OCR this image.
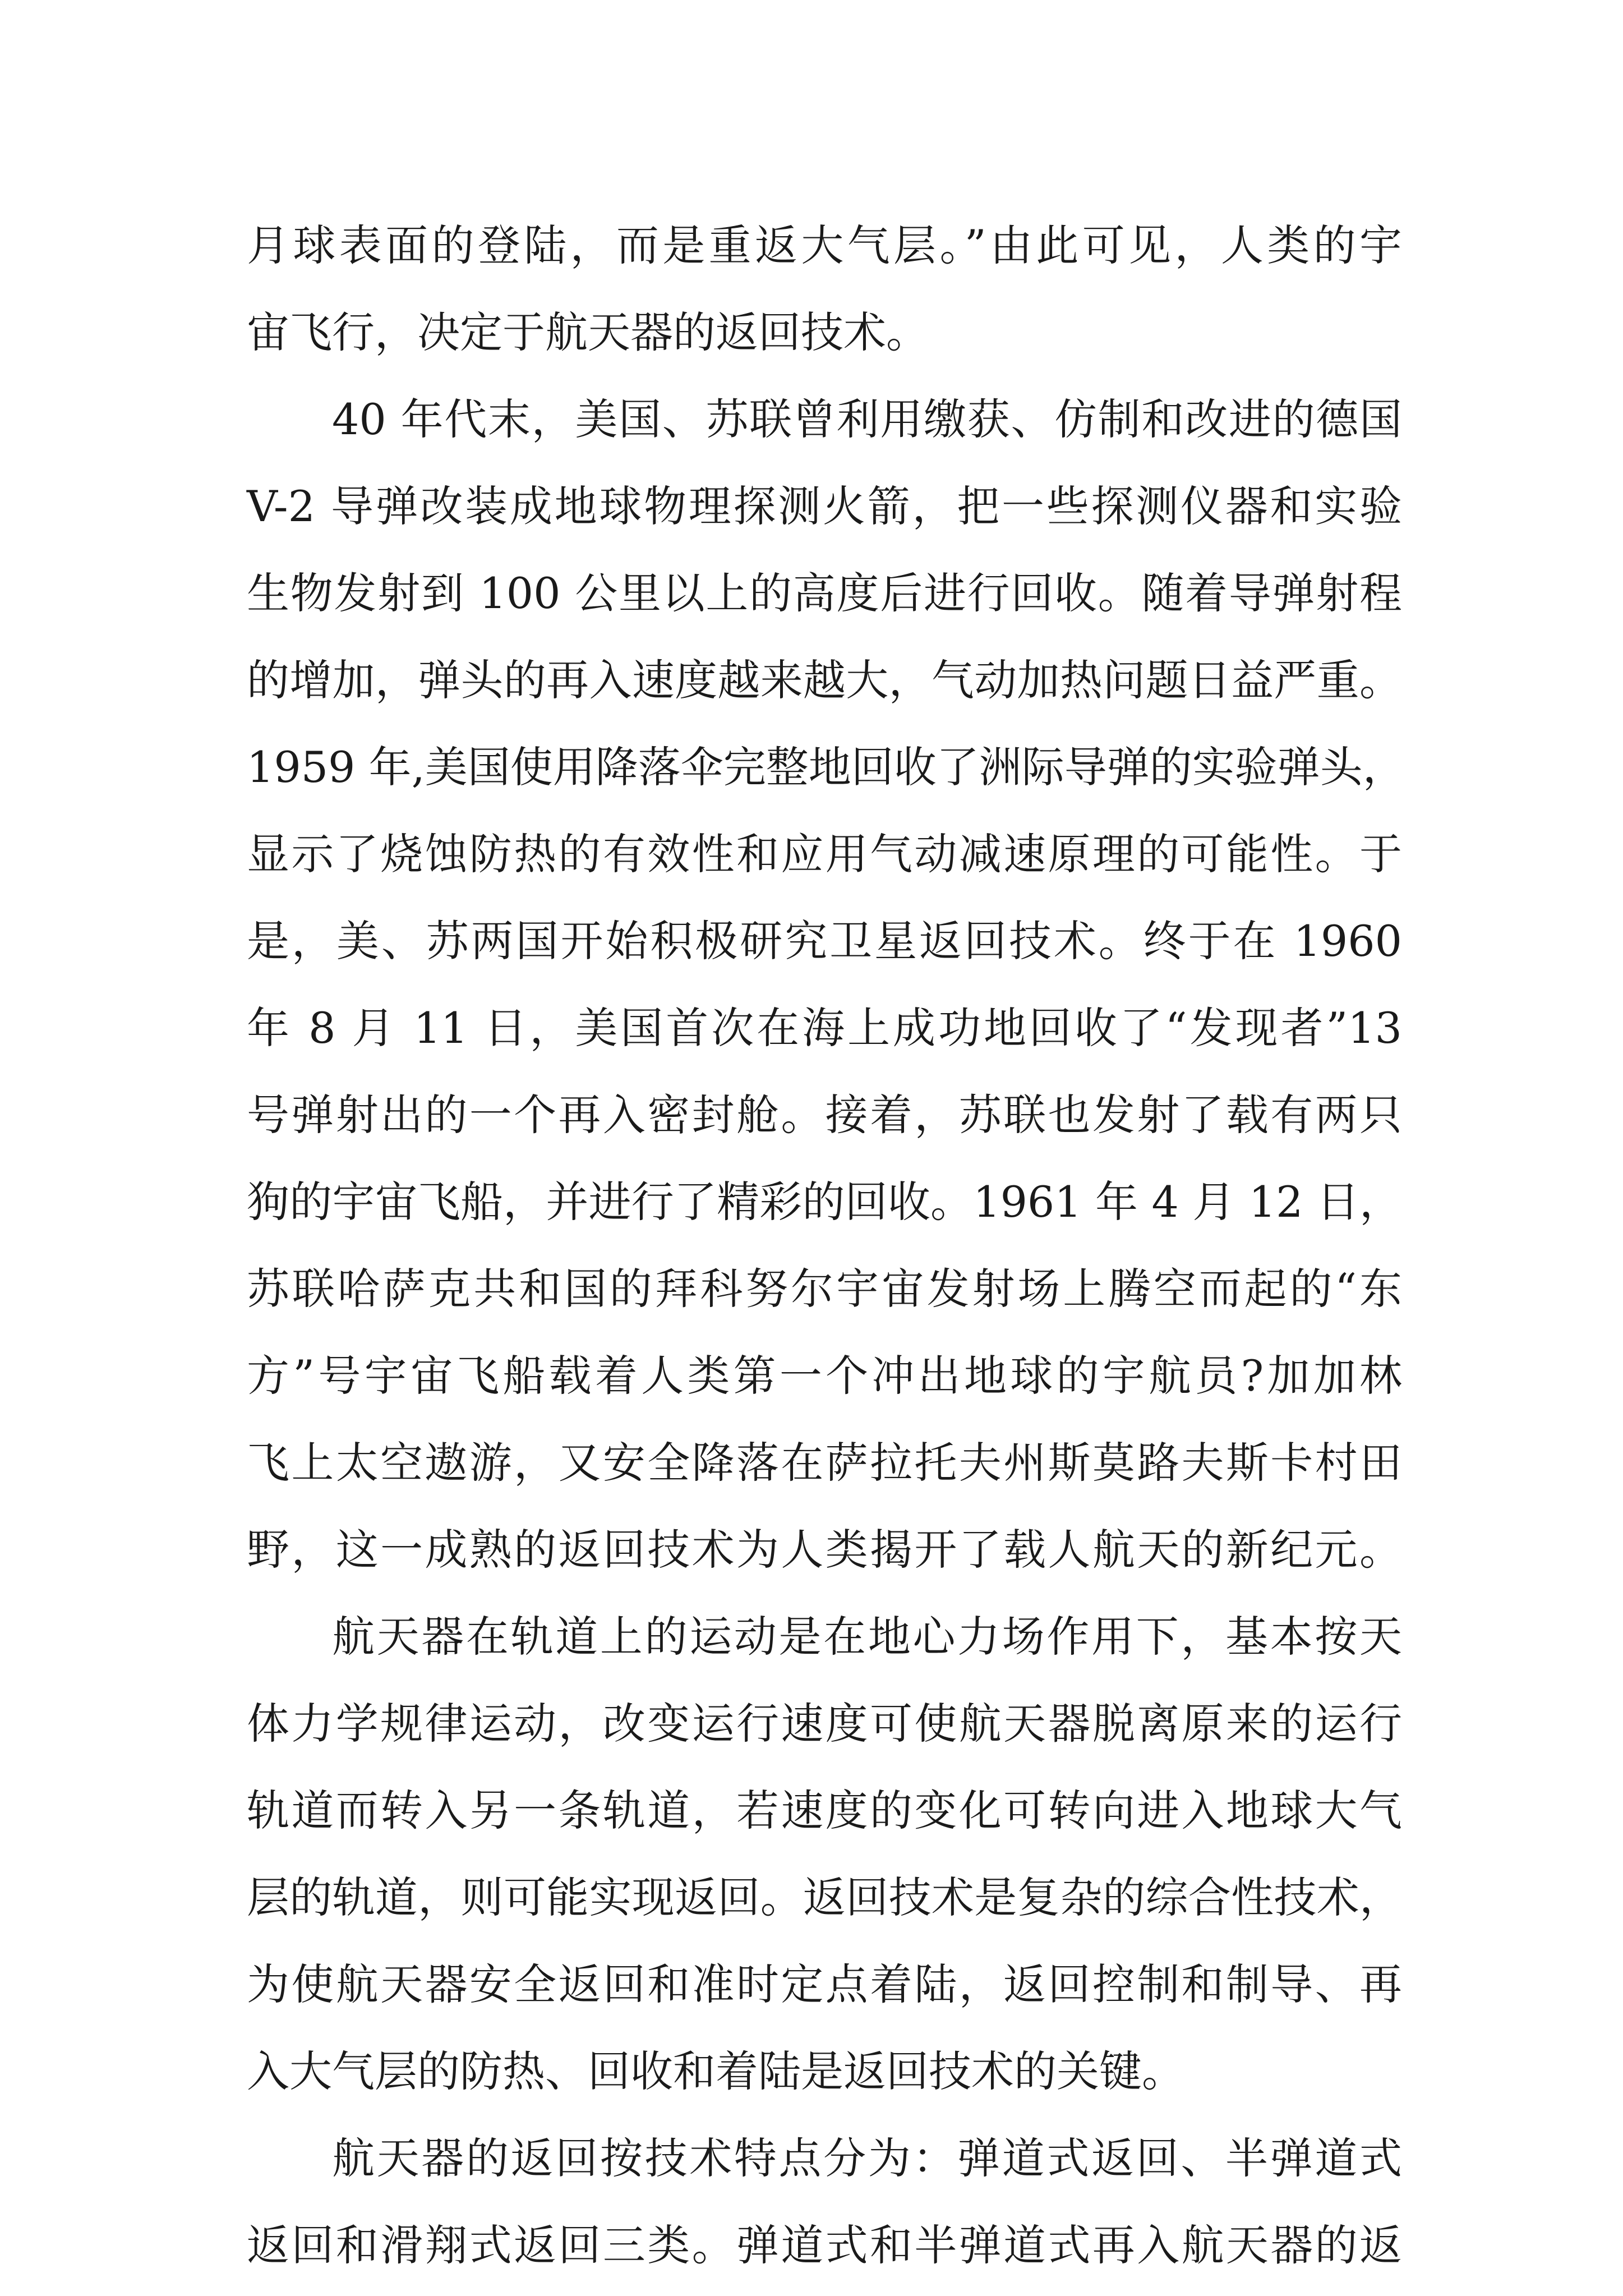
月球表面的登陆，而是重返大气层。”由此可见，人类的宇
宙飞行，决定于航天器的返回技术。
40 年代末，美国、苏联曾利用缴获、仿制和改进的德国
V-2 导弹改装成地球物理探测火箭，把一些探测仪器和实验
生物发射到 100 公里以上的高度后进行回收。随着导弹射程
的增加，弹头的再入速度越来越大，气动加热问题日益严重。
1959 年,美国使用降落伞完整地回收了洲际导弹的实验弹头，
显示了烧蚀防热的有效性和应用气动减速原理的可能性。于
是，美、苏两国开始积极研究卫星返回技术。终于在 1960
年 8 月 11 日，美国首次在海上成功地回收了“发现者”13
号弹射出的一个再入密封舱。接着，苏联也发射了载有两只
狗的宇宙飞船，并进行了精彩的回收。1961 年 4 月 12 日，
苏联哈萨克共和国的拜科努尔宇宙发射场上腾空而起的“东
方”号宇宙飞船载着人类第一个冲出地球的宇航员?加加林
飞上太空遨游，又安全降落在萨拉托夫州斯莫路夫斯卡村田
野，这一成熟的返回技术为人类揭开了载人航天的新纪元。
航天器在轨道上的运动是在地心力场作用下，基本按天
体力学规律运动，改变运行速度可使航天器脱离原来的运行
轨道而转入另一条轨道，若速度的变化可转向进入地球大气
层的轨道，则可能实现返回。返回技术是复杂的综合性技术，
为使航天器安全返回和准时定点着陆，返回控制和制导、再
入大气层的防热、回收和着陆是返回技术的关键。
航天器的返回按技术特点分为：弹道式返回、半弹道式
返回和滑翔式返回三类。弹道式和半弹道式再入航天器的返
